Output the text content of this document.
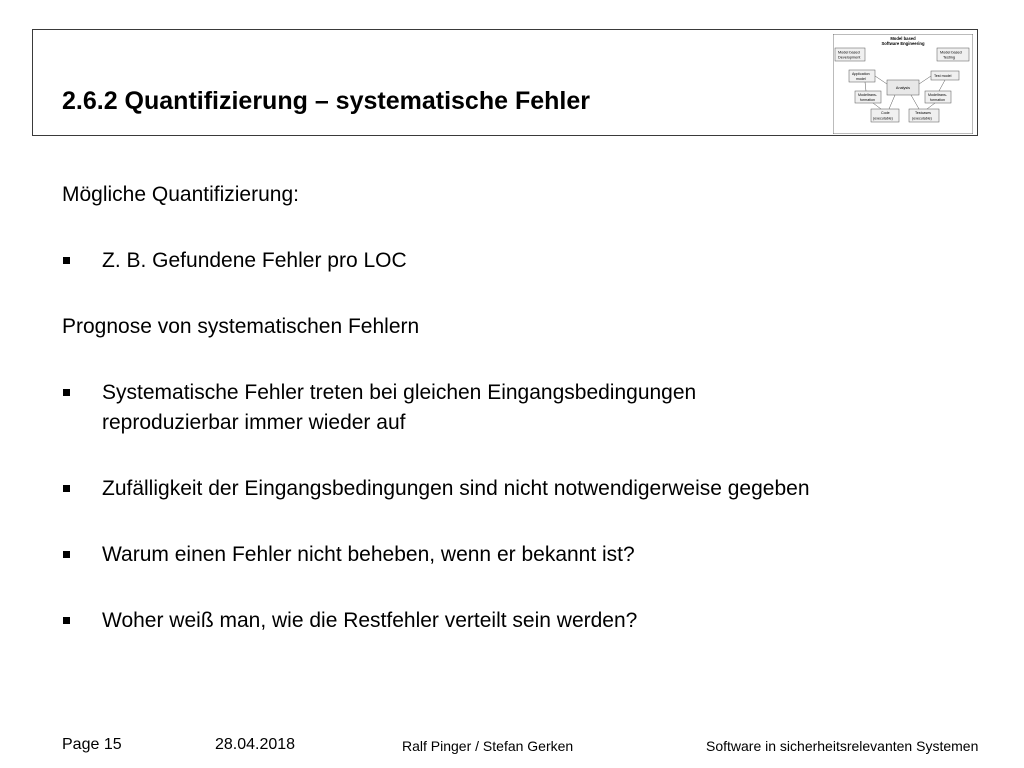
2.6.2 Quantifizierung – systematische Fehler
Model based
Software Engineering
Model based
Development
Model based
Testing
Application
model
Test model
Analysis
Modeltrans-
formation
Modeltrans-
formation
Code
(executable)
Testcases
(executable)

Mögliche Quantifizierung:

Z. B. Gefundene Fehler pro LOC

Prognose von systematischen Fehlern

Systematische Fehler treten bei gleichen Eingangsbedingungen
reproduzierbar immer wieder auf
Zufälligkeit der Eingangsbedingungen sind nicht notwendigerweise gegeben
Warum einen Fehler nicht beheben, wenn er bekannt ist?
Woher weiß man, wie die Restfehler verteilt sein werden?
Page 15	28.04.2018	Ralf Pinger / Stefan Gerken	Software in sicherheitsrelevanten Systemen
